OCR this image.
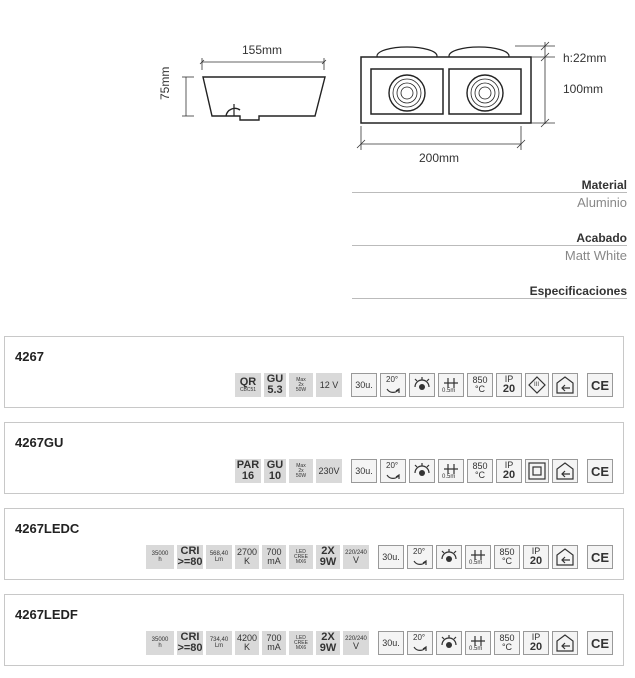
155mm
75mm
h:22mm
100mm
200mm
Material
Aluminio
Acabado
Matt White
Especificaciones
4267
QR
CBC51
GU
5.3
Max
2x
50W 12 V 30u. 20°
0.5m
850
°C
IP
20	III	CE
4267GU
PAR
16
GU
10
Max
2x
50W 230V 30u. 20°
0.5m
850
°C
IP
20	CE
4267LEDC
35000
h
CRI
>=80
568,40
Lm
2700
K
700
mA
LED
CREE
MX6
2X
9W
220/240
V	30u. 20°
0.5m
850
°C
IP
20	CE
4267LEDF
35000
h
CRI
>=80
734,40
Lm
4200
K
700
mA
LED
CREE
MX6
2X
9W
220/240
V	30u. 20°
0.5m
850
°C
IP
20	CE
